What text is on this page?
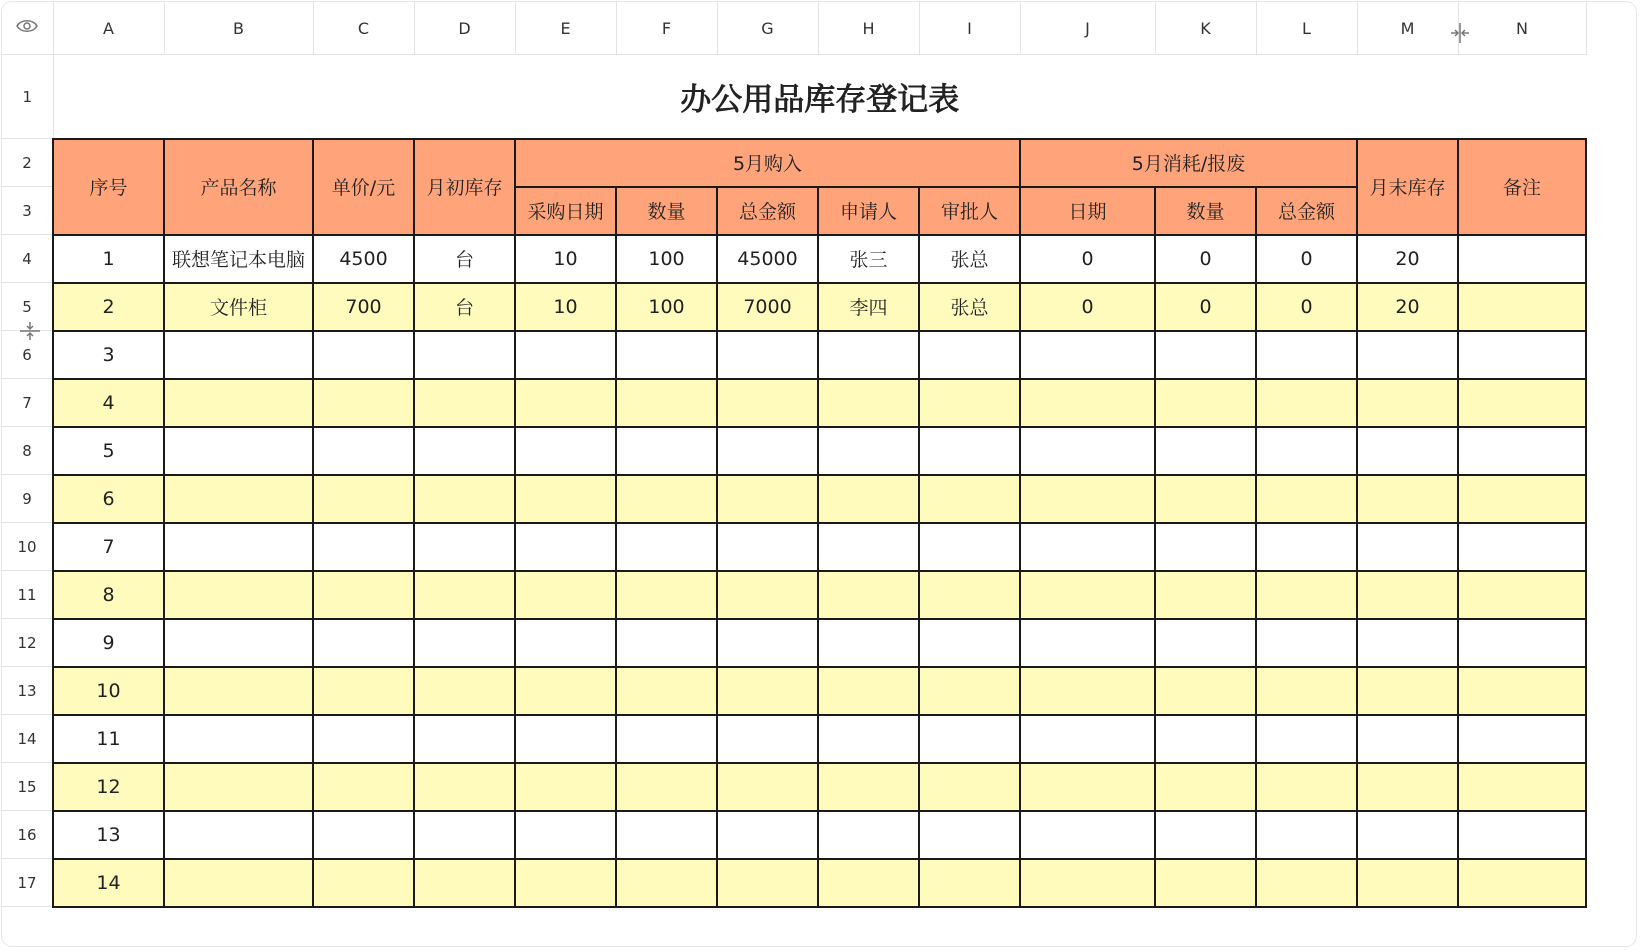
	A	B	C	D	E	F	G	H	I	J	K	L	M	N
1	办公用品库存登记表													
2	序号	产品名称	单价/元	月初库存	5月购入					5月消耗/报废			月末库存	备注
3					采购日期	数量	总金额	申请人	审批人	日期	数量	总金额		
4	1	联想笔记本电脑	4500	台	10	100	45000	张三	张总	0	0	0	20	
5	2	文件柜	700	台	10	100	7000	李四	张总	0	0	0	20	
6	3													
7	4													
8	5													
9	6													
10	7													
11	8													
12	9													
13	10													
14	11													
15	12													
16	13													
17	14													
